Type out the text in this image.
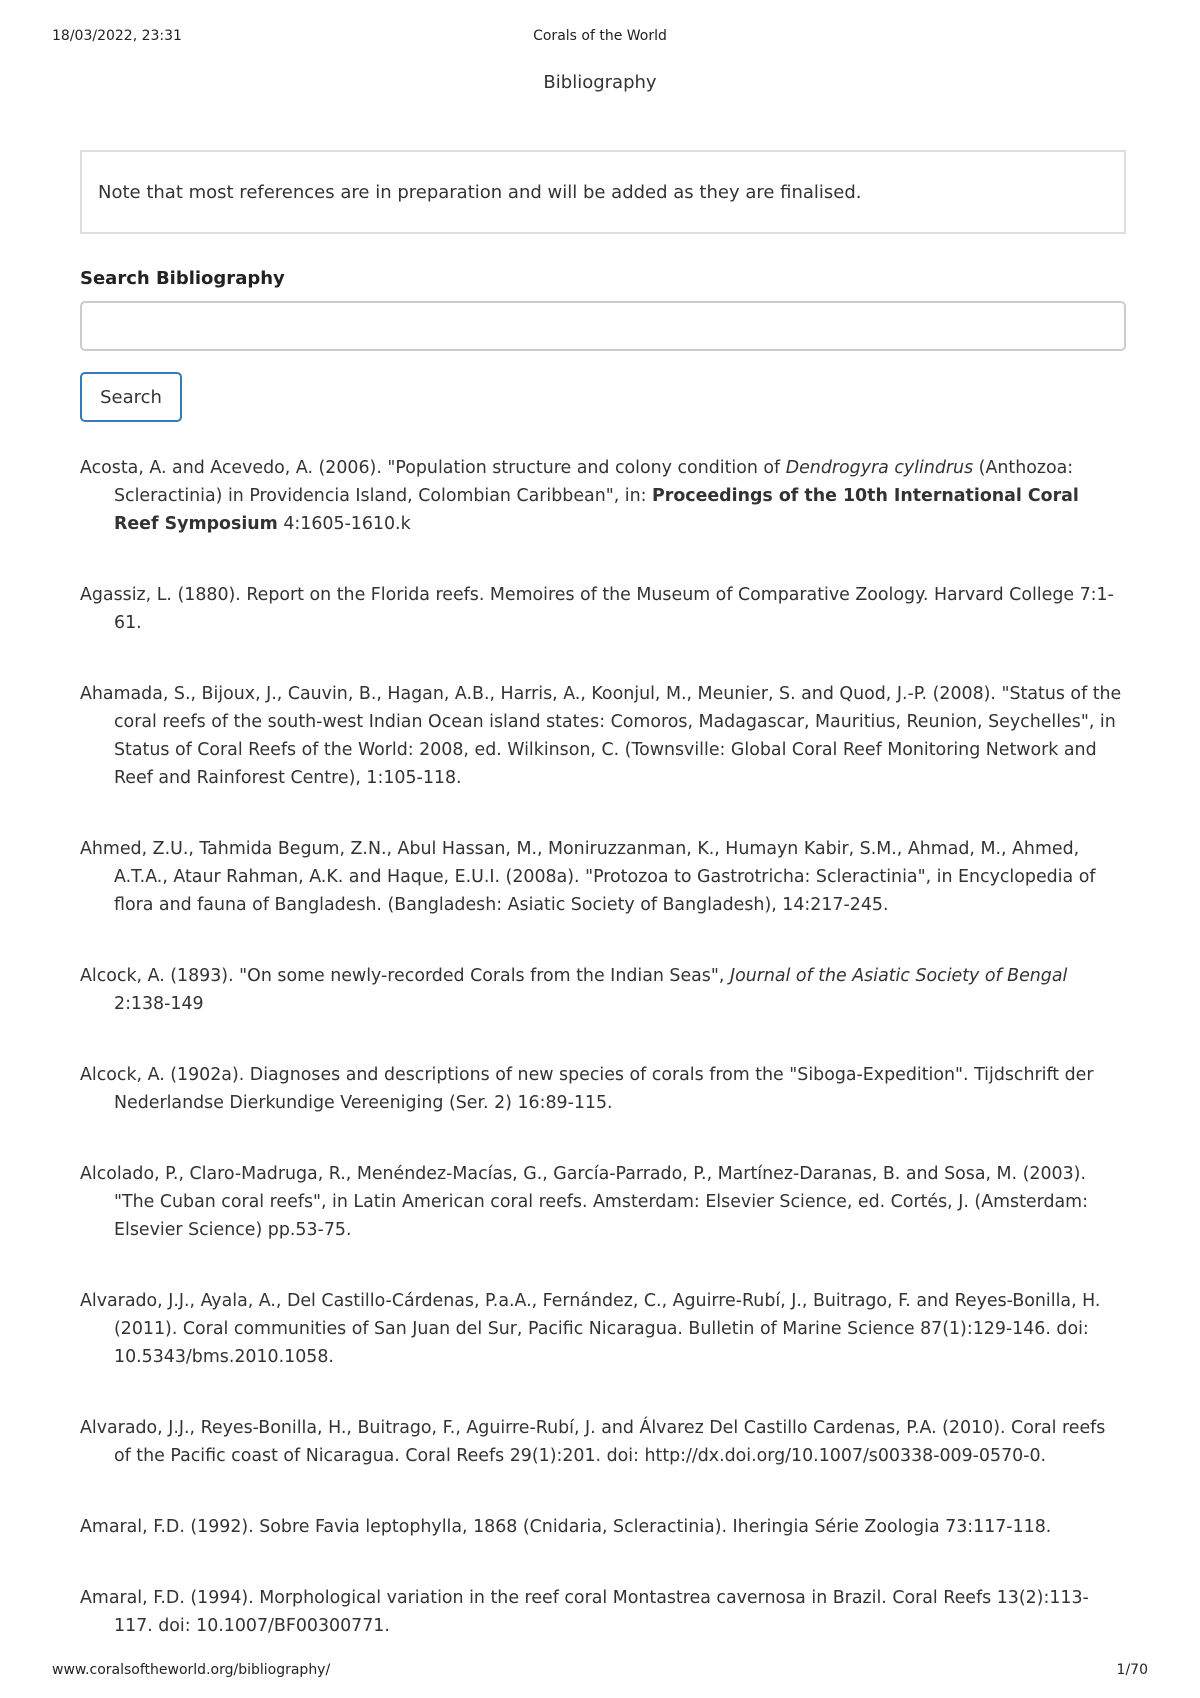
18/03/2022, 23:31	Corals of the World
Bibliography
Note that most references are in preparation and will be added as they are finalised.
Search Bibliography
Search

Acosta, A. and Acevedo, A. (2006). "Population structure and colony condition of Dendrogyra cylindrus (Anthozoa: Scleractinia) in Providencia Island, Colombian Caribbean", in: Proceedings of the 10th International Coral Reef Symposium 4:1605-1610.k

Agassiz, L. (1880). Report on the Florida reefs. Memoires of the Museum of Comparative Zoology. Harvard College 7:1-61.

Ahamada, S., Bijoux, J., Cauvin, B., Hagan, A.B., Harris, A., Koonjul, M., Meunier, S. and Quod, J.-P. (2008). "Status of the coral reefs of the south-west Indian Ocean island states: Comoros, Madagascar, Mauritius, Reunion, Seychelles", in Status of Coral Reefs of the World: 2008, ed. Wilkinson, C. (Townsville: Global Coral Reef Monitoring Network and Reef and Rainforest Centre), 1:105-118.

Ahmed, Z.U., Tahmida Begum, Z.N., Abul Hassan, M., Moniruzzanman, K., Humayn Kabir, S.M., Ahmad, M., Ahmed, A.T.A., Ataur Rahman, A.K. and Haque, E.U.I. (2008a). "Protozoa to Gastrotricha: Scleractinia", in Encyclopedia of flora and fauna of Bangladesh. (Bangladesh: Asiatic Society of Bangladesh), 14:217-245.

Alcock, A. (1893). "On some newly-recorded Corals from the Indian Seas", Journal of the Asiatic Society of Bengal 2:138-149

Alcock, A. (1902a). Diagnoses and descriptions of new species of corals from the "Siboga-Expedition". Tijdschrift der Nederlandse Dierkundige Vereeniging (Ser. 2) 16:89-115.

Alcolado, P., Claro-Madruga, R., Menéndez-Macías, G., García-Parrado, P., Martínez-Daranas, B. and Sosa, M. (2003). "The Cuban coral reefs", in Latin American coral reefs. Amsterdam: Elsevier Science, ed. Cortés, J. (Amsterdam: Elsevier Science) pp.53-75.

Alvarado, J.J., Ayala, A., Del Castillo-Cárdenas, P.a.A., Fernández, C., Aguirre-Rubí, J., Buitrago, F. and Reyes-Bonilla, H. (2011). Coral communities of San Juan del Sur, Pacific Nicaragua. Bulletin of Marine Science 87(1):129-146. doi: 10.5343/bms.2010.1058.

Alvarado, J.J., Reyes-Bonilla, H., Buitrago, F., Aguirre-Rubí, J. and Álvarez Del Castillo Cardenas, P.A. (2010). Coral reefs of the Pacific coast of Nicaragua. Coral Reefs 29(1):201. doi: http://dx.doi.org/10.1007/s00338-009-0570-0.

Amaral, F.D. (1992). Sobre Favia leptophylla, 1868 (Cnidaria, Scleractinia). Iheringia Série Zoologia 73:117-118.

Amaral, F.D. (1994). Morphological variation in the reef coral Montastrea cavernosa in Brazil. Coral Reefs 13(2):113-117. doi: 10.1007/BF00300771.

www.coralsoftheworld.org/bibliography/	1/70
